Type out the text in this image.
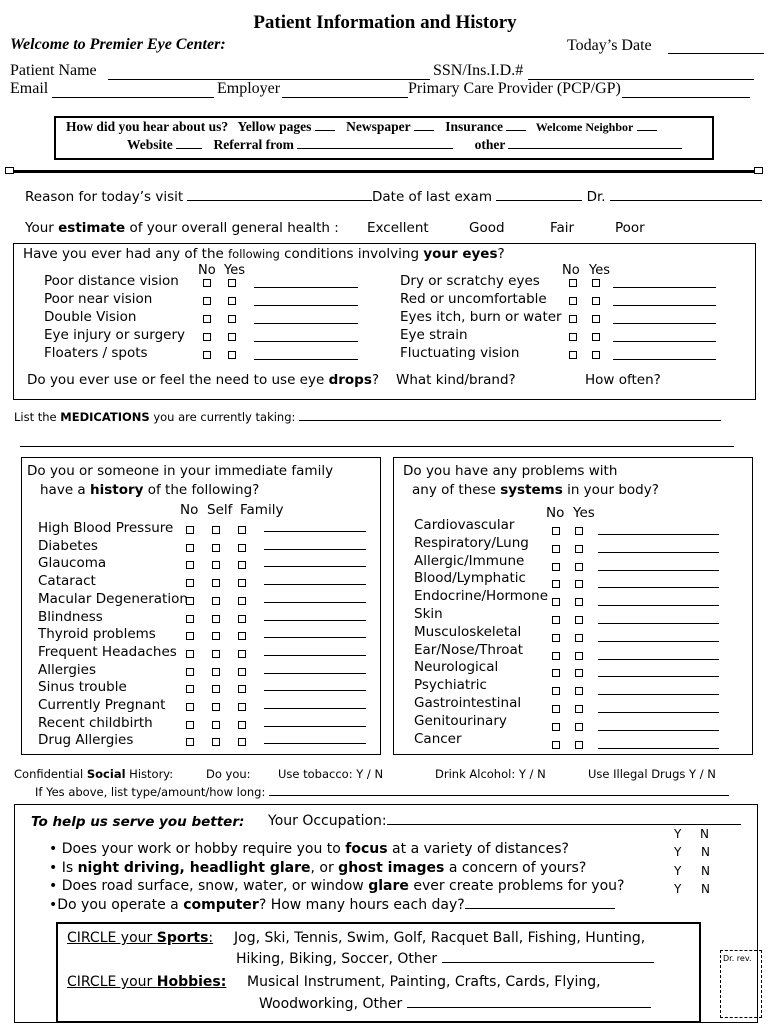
Patient Information and History
Welcome to Premier Eye Center:	Today’s Date
Patient Name	SSN/Ins.I.D.#
Email	Employer	Primary Care Provider (PCP/GP)
How did you hear about us? Yellow pages	Newspaper	Insurance	Welcome Neighbor
Website	Referral from	other
Reason for today’s visit	Date of last exam	Dr.
Your estimate of your overall general health : Excellent	Good	Fair	Poor
Have you ever had any of the following conditions involving your eyes?
No Yes	No Yes
Poor distance vision
Poor near vision
Double Vision
Eye injury or surgery
Floaters / spots
Dry or scratchy eyes
Red or uncomfortable
Eyes itch, burn or water
Eye strain
Fluctuating vision
Do you ever use or feel the need to use eye drops? What kind/brand?	How often?
List the MEDICATIONS you are currently taking:
Do you or someone in your immediate family
have a history of the following?
No Self Family
High Blood Pressure
Diabetes
Glaucoma
Cataract
Macular Degeneration
Blindness
Thyroid problems
Frequent Headaches
Allergies
Sinus trouble
Currently Pregnant
Recent childbirth
Drug Allergies
Do you have any problems with
any of these systems in your body?
No Yes
Cardiovascular
Respiratory/Lung
Allergic/Immune
Blood/Lymphatic
Endocrine/Hormone
Skin
Musculoskeletal
Ear/Nose/Throat
Neurological
Psychiatric
Gastrointestinal
Genitourinary
Cancer
Confidential Social History:	Do you: Use tobacco: Y / N	Drink Alcohol: Y / N	Use Illegal Drugs Y / N
If Yes above, list type/amount/how long:
To help us serve you better: Your Occupation:
Y N
• Does your work or hobby require you to focus at a variety of distances?	Y N
• Is night driving, headlight glare, or ghost images a concern of yours?	Y N
• Does road surface, snow, water, or window glare ever create problems for you?	Y N
•Do you operate a computer? How many hours each day?
CIRCLE your Sports: Jog, Ski, Tennis, Swim, Golf, Racquet Ball, Fishing, Hunting,
Hiking, Biking, Soccer, Other
CIRCLE your Hobbies: Musical Instrument, Painting, Crafts, Cards, Flying,
Woodworking, Other
Dr. rev.
